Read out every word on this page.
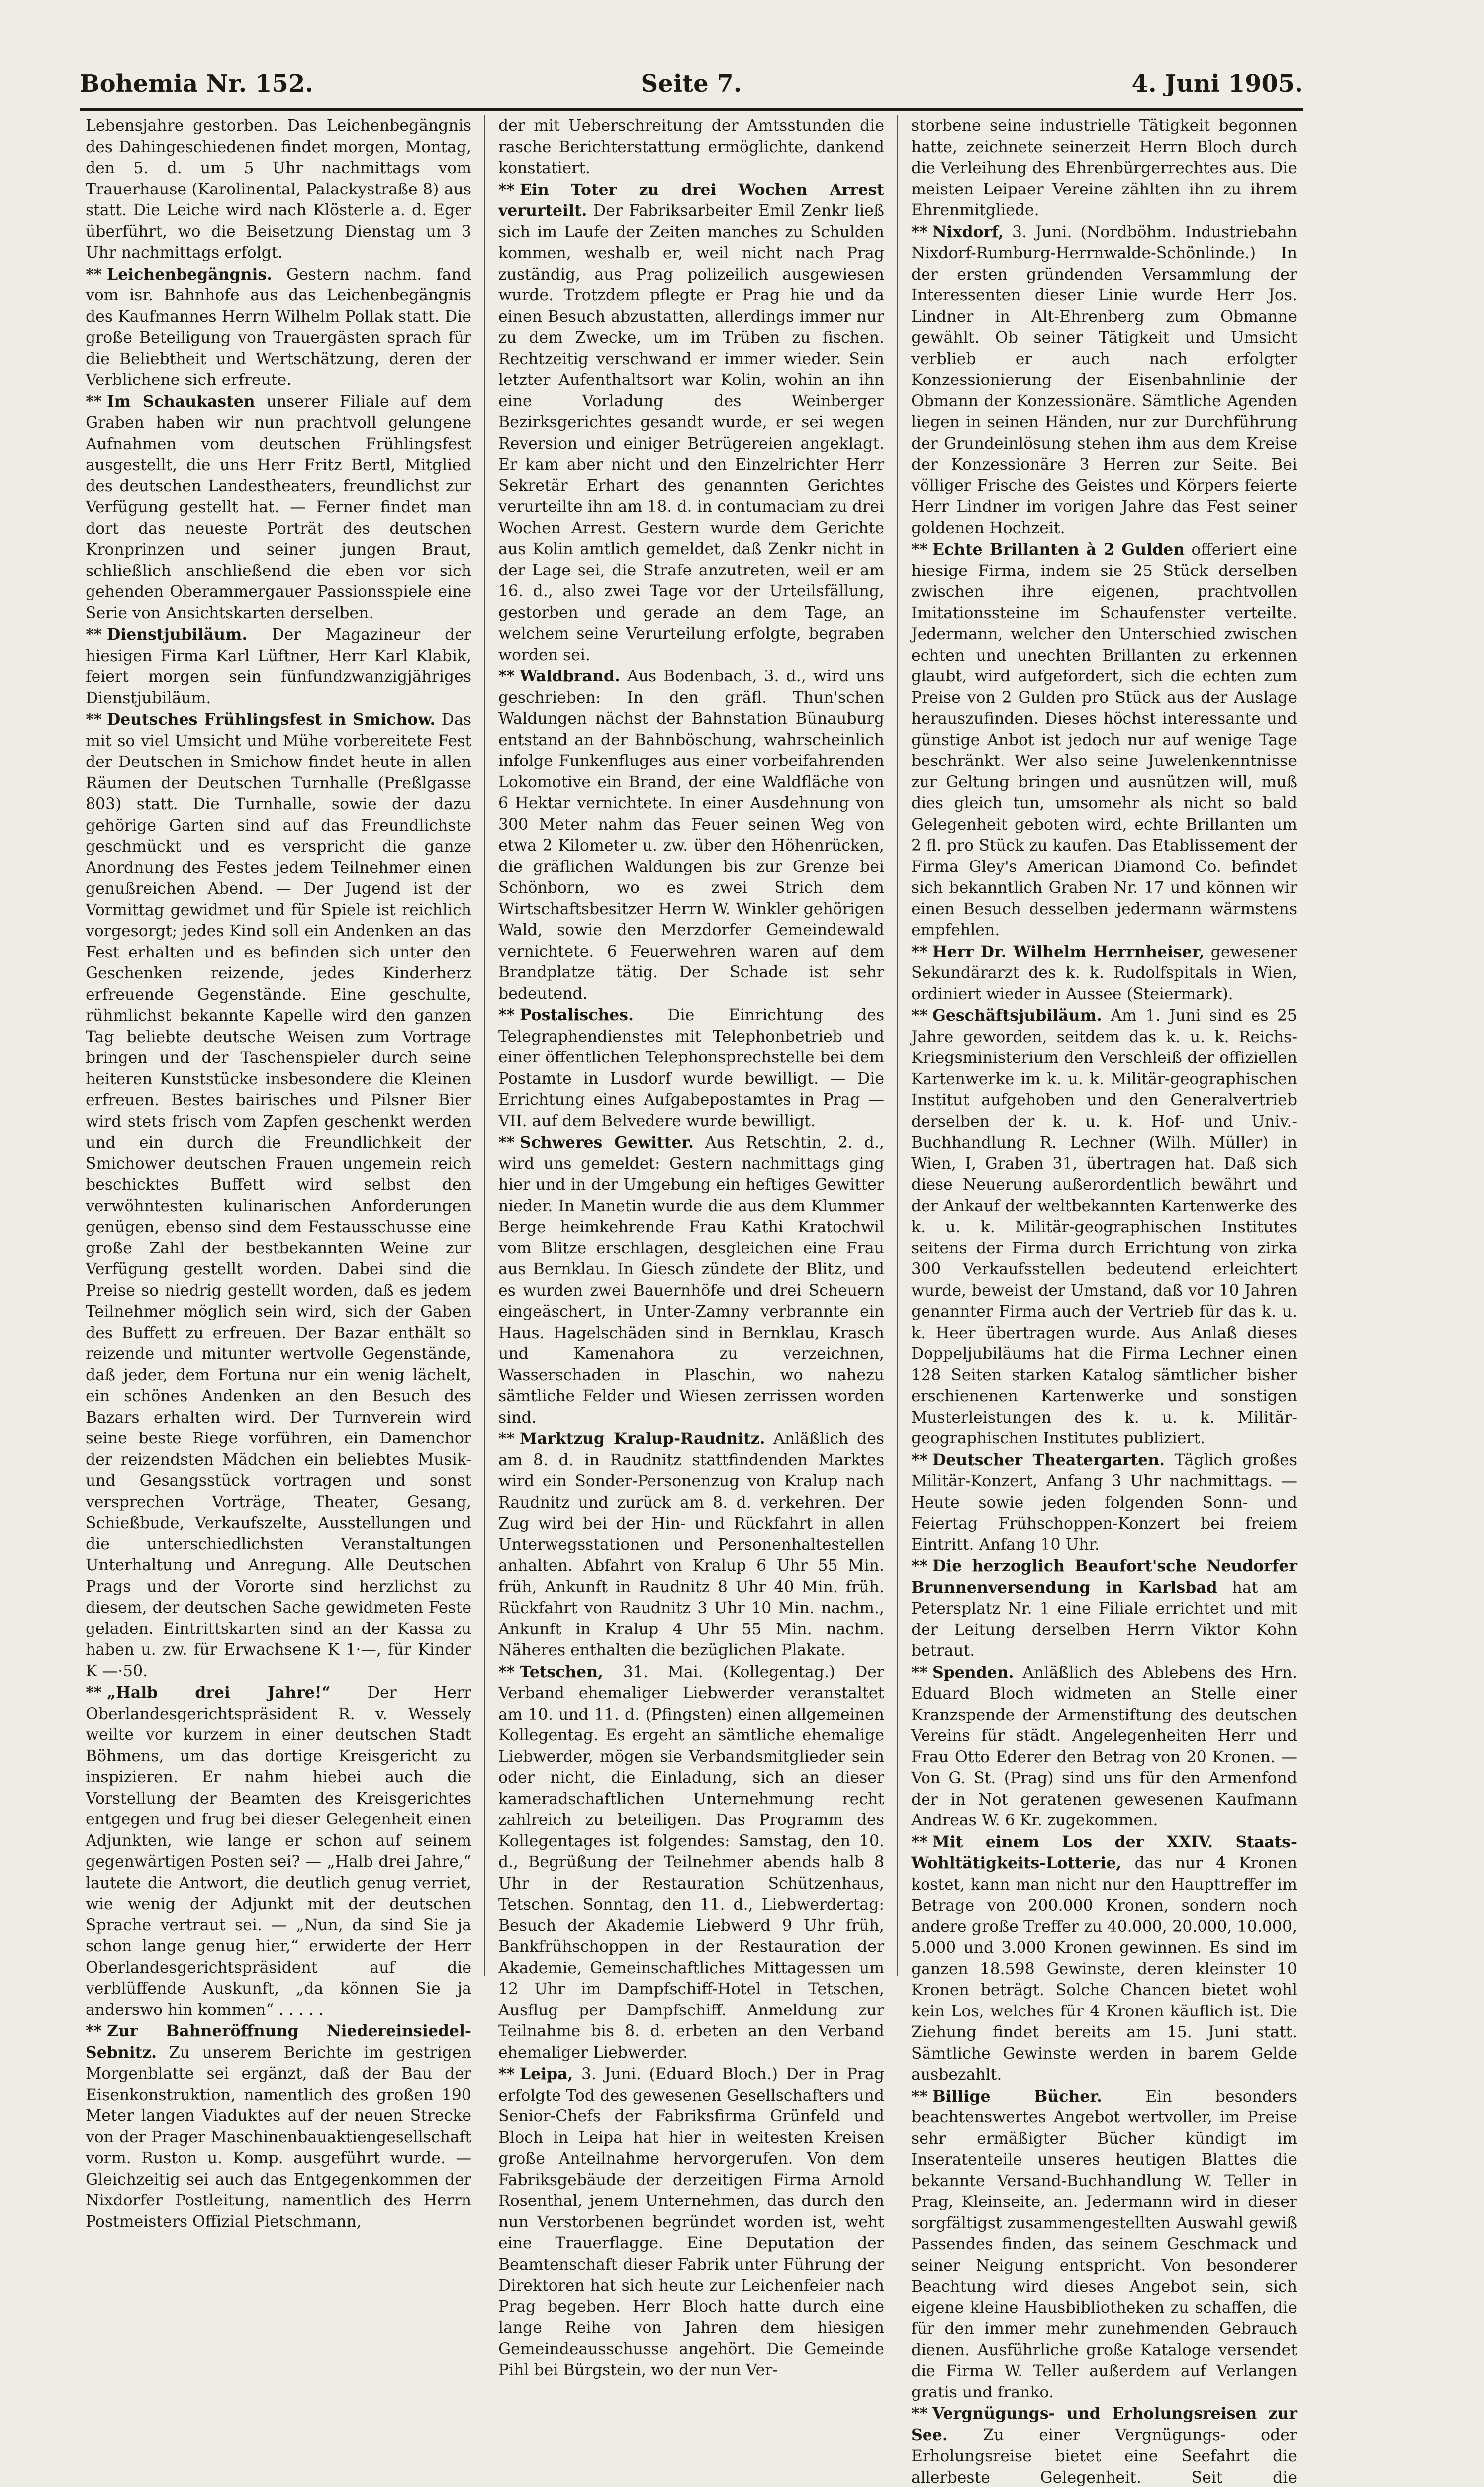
Bohemia Nr. 152.	Seite 7.	4. Juni 1905.

Lebensjahre gestorben. Das Leichenbegängnis des Dahingeschiedenen findet morgen, Montag, den 5. d. um 5 Uhr nachmittags vom Trauerhause (Karolinental, Palackystraße 8) aus statt. Die Leiche wird nach Klösterle a. d. Eger überführt, wo die Beisetzung Dienstag um 3 Uhr nachmittags erfolgt.

** Leichenbegängnis. Gestern nachm. fand vom isr. Bahnhofe aus das Leichenbegängnis des Kaufmannes Herrn Wilhelm Pollak statt. Die große Beteiligung von Trauergästen sprach für die Beliebtheit und Wertschätzung, deren der Verblichene sich erfreute.

** Im Schaukasten unserer Filiale auf dem Graben haben wir nun prachtvoll gelungene Aufnahmen vom deutschen Frühlingsfest ausgestellt, die uns Herr Fritz Bertl, Mitglied des deutschen Landestheaters, freundlichst zur Verfügung gestellt hat. — Ferner findet man dort das neueste Porträt des deutschen Kronprinzen und seiner jungen Braut, schließlich anschließend die eben vor sich gehenden Oberammergauer Passionsspiele eine Serie von Ansichtskarten derselben.

** Dienstjubiläum. Der Magazineur der hiesigen Firma Karl Lüftner, Herr Karl Klabik, feiert morgen sein fünfundzwanzigjähriges Dienstjubiläum.

** Deutsches Frühlingsfest in Smichow. Das mit so viel Umsicht und Mühe vorbereitete Fest der Deutschen in Smichow findet heute in allen Räumen der Deutschen Turnhalle (Preßlgasse 803) statt. Die Turnhalle, sowie der dazu gehörige Garten sind auf das Freundlichste geschmückt und es verspricht die ganze Anordnung des Festes jedem Teilnehmer einen genußreichen Abend. — Der Jugend ist der Vormittag gewidmet und für Spiele ist reichlich vorgesorgt; jedes Kind soll ein Andenken an das Fest erhalten und es befinden sich unter den Geschenken reizende, jedes Kinderherz erfreuende Gegenstände. Eine geschulte, rühmlichst bekannte Kapelle wird den ganzen Tag beliebte deutsche Weisen zum Vortrage bringen und der Taschenspieler durch seine heiteren Kunststücke insbesondere die Kleinen erfreuen. Bestes bairisches und Pilsner Bier wird stets frisch vom Zapfen geschenkt werden und ein durch die Freundlichkeit der Smichower deutschen Frauen ungemein reich beschicktes Buffett wird selbst den verwöhntesten kulinarischen Anforderungen genügen, ebenso sind dem Festausschusse eine große Zahl der bestbekannten Weine zur Verfügung gestellt worden. Dabei sind die Preise so niedrig gestellt worden, daß es jedem Teilnehmer möglich sein wird, sich der Gaben des Buffett zu erfreuen. Der Bazar enthält so reizende und mitunter wertvolle Gegenstände, daß jeder, dem Fortuna nur ein wenig lächelt, ein schönes Andenken an den Besuch des Bazars erhalten wird. Der Turnverein wird seine beste Riege vorführen, ein Damenchor der reizendsten Mädchen ein beliebtes Musik- und Gesangsstück vortragen und sonst versprechen Vorträge, Theater, Gesang, Schießbude, Verkaufszelte, Ausstellungen und die unterschiedlichsten Veranstaltungen Unterhaltung und Anregung. Alle Deutschen Prags und der Vororte sind herzlichst zu diesem, der deutschen Sache gewidmeten Feste geladen. Eintrittskarten sind an der Kassa zu haben u. zw. für Erwachsene K 1·—, für Kinder K —·50.

** „Halb drei Jahre!“ Der Herr Oberlandesgerichtspräsident R. v. Wessely weilte vor kurzem in einer deutschen Stadt Böhmens, um das dortige Kreisgericht zu inspizieren. Er nahm hiebei auch die Vorstellung der Beamten des Kreisgerichtes entgegen und frug bei dieser Gelegenheit einen Adjunkten, wie lange er schon auf seinem gegenwärtigen Posten sei? — „Halb drei Jahre,“ lautete die Antwort, die deutlich genug verriet, wie wenig der Adjunkt mit der deutschen Sprache vertraut sei. — „Nun, da sind Sie ja schon lange genug hier,“ erwiderte der Herr Oberlandesgerichtspräsident auf die verblüffende Auskunft, „da können Sie ja anderswo hin kommen“ . . . . .

** Zur Bahneröffnung Niedereinsiedel-Sebnitz. Zu unserem Berichte im gestrigen Morgenblatte sei ergänzt, daß der Bau der Eisenkonstruktion, namentlich des großen 190 Meter langen Viaduktes auf der neuen Strecke von der Prager Maschinenbauaktiengesellschaft vorm. Ruston u. Komp. ausgeführt wurde. — Gleichzeitig sei auch das Entgegenkommen der Nixdorfer Postleitung, namentlich des Herrn Postmeisters Offizial Pietschmann,

der mit Ueberschreitung der Amtsstunden die rasche Berichterstattung ermöglichte, dankend konstatiert.

** Ein Toter zu drei Wochen Arrest verurteilt. Der Fabriksarbeiter Emil Zenkr ließ sich im Laufe der Zeiten manches zu Schulden kommen, weshalb er, weil nicht nach Prag zuständig, aus Prag polizeilich ausgewiesen wurde. Trotzdem pflegte er Prag hie und da einen Besuch abzustatten, allerdings immer nur zu dem Zwecke, um im Trüben zu fischen. Rechtzeitig verschwand er immer wieder. Sein letzter Aufenthaltsort war Kolin, wohin an ihn eine Vorladung des Weinberger Bezirksgerichtes gesandt wurde, er sei wegen Reversion und einiger Betrügereien angeklagt. Er kam aber nicht und den Einzelrichter Herr Sekretär Erhart des genannten Gerichtes verurteilte ihn am 18. d. in contumaciam zu drei Wochen Arrest. Gestern wurde dem Gerichte aus Kolin amtlich gemeldet, daß Zenkr nicht in der Lage sei, die Strafe anzutreten, weil er am 16. d., also zwei Tage vor der Urteilsfällung, gestorben und gerade an dem Tage, an welchem seine Verurteilung erfolgte, begraben worden sei.

** Waldbrand. Aus Bodenbach, 3. d., wird uns geschrieben: In den gräfl. Thun'schen Waldungen nächst der Bahnstation Bünauburg entstand an der Bahnböschung, wahrscheinlich infolge Funkenfluges aus einer vorbeifahrenden Lokomotive ein Brand, der eine Waldfläche von 6 Hektar vernichtete. In einer Ausdehnung von 300 Meter nahm das Feuer seinen Weg von etwa 2 Kilometer u. zw. über den Höhenrücken, die gräflichen Waldungen bis zur Grenze bei Schönborn, wo es zwei Strich dem Wirtschaftsbesitzer Herrn W. Winkler gehörigen Wald, sowie den Merzdorfer Gemeindewald vernichtete. 6 Feuerwehren waren auf dem Brandplatze tätig. Der Schade ist sehr bedeutend.

** Postalisches. Die Einrichtung des Telegraphendienstes mit Telephonbetrieb und einer öffentlichen Telephonsprechstelle bei dem Postamte in Lusdorf wurde bewilligt. — Die Errichtung eines Aufgabepostamtes in Prag — VII. auf dem Belvedere wurde bewilligt.

** Schweres Gewitter. Aus Retschtin, 2. d., wird uns gemeldet: Gestern nachmittags ging hier und in der Umgebung ein heftiges Gewitter nieder. In Manetin wurde die aus dem Klummer Berge heimkehrende Frau Kathi Kratochwil vom Blitze erschlagen, desgleichen eine Frau aus Bernklau. In Giesch zündete der Blitz, und es wurden zwei Bauernhöfe und drei Scheuern eingeäschert, in Unter-Zamny verbrannte ein Haus. Hagelschäden sind in Bernklau, Krasch und Kamenahora zu verzeichnen, Wasserschaden in Plaschin, wo nahezu sämtliche Felder und Wiesen zerrissen worden sind.

** Marktzug Kralup-Raudnitz. Anläßlich des am 8. d. in Raudnitz stattfindenden Marktes wird ein Sonder-Personenzug von Kralup nach Raudnitz und zurück am 8. d. verkehren. Der Zug wird bei der Hin- und Rückfahrt in allen Unterwegsstationen und Personenhaltestellen anhalten. Abfahrt von Kralup 6 Uhr 55 Min. früh, Ankunft in Raudnitz 8 Uhr 40 Min. früh. Rückfahrt von Raudnitz 3 Uhr 10 Min. nachm., Ankunft in Kralup 4 Uhr 55 Min. nachm. Näheres enthalten die bezüglichen Plakate.

** Tetschen, 31. Mai. (Kollegentag.) Der Verband ehemaliger Liebwerder veranstaltet am 10. und 11. d. (Pfingsten) einen allgemeinen Kollegentag. Es ergeht an sämtliche ehemalige Liebwerder, mögen sie Verbandsmitglieder sein oder nicht, die Einladung, sich an dieser kameradschaftlichen Unternehmung recht zahlreich zu beteiligen. Das Programm des Kollegentages ist folgendes: Samstag, den 10. d., Begrüßung der Teilnehmer abends halb 8 Uhr in der Restauration Schützenhaus, Tetschen. Sonntag, den 11. d., Liebwerdertag: Besuch der Akademie Liebwerd 9 Uhr früh, Bankfrühschoppen in der Restauration der Akademie, Gemeinschaftliches Mittagessen um 12 Uhr im Dampfschiff-Hotel in Tetschen, Ausflug per Dampfschiff. Anmeldung zur Teilnahme bis 8. d. erbeten an den Verband ehemaliger Liebwerder.

** Leipa, 3. Juni. (Eduard Bloch.) Der in Prag erfolgte Tod des gewesenen Gesellschafters und Senior-Chefs der Fabriksfirma Grünfeld und Bloch in Leipa hat hier in weitesten Kreisen große Anteilnahme hervorgerufen. Von dem Fabriksgebäude der derzeitigen Firma Arnold Rosenthal, jenem Unternehmen, das durch den nun Verstorbenen begründet worden ist, weht eine Trauerflagge. Eine Deputation der Beamtenschaft dieser Fabrik unter Führung der Direktoren hat sich heute zur Leichenfeier nach Prag begeben. Herr Bloch hatte durch eine lange Reihe von Jahren dem hiesigen Gemeindeausschusse angehört. Die Gemeinde Pihl bei Bürgstein, wo der nun Ver-

storbene seine industrielle Tätigkeit begonnen hatte, zeichnete seinerzeit Herrn Bloch durch die Verleihung des Ehrenbürgerrechtes aus. Die meisten Leipaer Vereine zählten ihn zu ihrem Ehrenmitgliede.

** Nixdorf, 3. Juni. (Nordböhm. Industriebahn Nixdorf-Rumburg-Herrnwalde-Schönlinde.) In der ersten gründenden Versammlung der Interessenten dieser Linie wurde Herr Jos. Lindner in Alt-Ehrenberg zum Obmanne gewählt. Ob seiner Tätigkeit und Umsicht verblieb er auch nach erfolgter Konzessionierung der Eisenbahnlinie der Obmann der Konzessionäre. Sämtliche Agenden liegen in seinen Händen, nur zur Durchführung der Grundeinlösung stehen ihm aus dem Kreise der Konzessionäre 3 Herren zur Seite. Bei völliger Frische des Geistes und Körpers feierte Herr Lindner im vorigen Jahre das Fest seiner goldenen Hochzeit.

** Echte Brillanten à 2 Gulden offeriert eine hiesige Firma, indem sie 25 Stück derselben zwischen ihre eigenen, prachtvollen Imitationssteine im Schaufenster verteilte. Jedermann, welcher den Unterschied zwischen echten und unechten Brillanten zu erkennen glaubt, wird aufgefordert, sich die echten zum Preise von 2 Gulden pro Stück aus der Auslage herauszufinden. Dieses höchst interessante und günstige Anbot ist jedoch nur auf wenige Tage beschränkt. Wer also seine Juwelenkenntnisse zur Geltung bringen und ausnützen will, muß dies gleich tun, umsomehr als nicht so bald Gelegenheit geboten wird, echte Brillanten um 2 fl. pro Stück zu kaufen. Das Etablissement der Firma Gley's American Diamond Co. befindet sich bekanntlich Graben Nr. 17 und können wir einen Besuch desselben jedermann wärmstens empfehlen.

** Herr Dr. Wilhelm Herrnheiser, gewesener Sekundärarzt des k. k. Rudolfspitals in Wien, ordiniert wieder in Aussee (Steiermark).

** Geschäftsjubiläum. Am 1. Juni sind es 25 Jahre geworden, seitdem das k. u. k. Reichs-Kriegsministerium den Verschleiß der offiziellen Kartenwerke im k. u. k. Militär-geographischen Institut aufgehoben und den Generalvertrieb derselben der k. u. k. Hof- und Univ.-Buchhandlung R. Lechner (Wilh. Müller) in Wien, I, Graben 31, übertragen hat. Daß sich diese Neuerung außerordentlich bewährt und der Ankauf der weltbekannten Kartenwerke des k. u. k. Militär-geographischen Institutes seitens der Firma durch Errichtung von zirka 300 Verkaufsstellen bedeutend erleichtert wurde, beweist der Umstand, daß vor 10 Jahren genannter Firma auch der Vertrieb für das k. u. k. Heer übertragen wurde. Aus Anlaß dieses Doppeljubiläums hat die Firma Lechner einen 128 Seiten starken Katalog sämtlicher bisher erschienenen Kartenwerke und sonstigen Musterleistungen des k. u. k. Militär-geographischen Institutes publiziert.

** Deutscher Theatergarten. Täglich großes Militär-Konzert, Anfang 3 Uhr nachmittags. — Heute sowie jeden folgenden Sonn- und Feiertag Frühschoppen-Konzert bei freiem Eintritt. Anfang 10 Uhr.

** Die herzoglich Beaufort'sche Neudorfer Brunnenversendung in Karlsbad hat am Petersplatz Nr. 1 eine Filiale errichtet und mit der Leitung derselben Herrn Viktor Kohn betraut.

** Spenden. Anläßlich des Ablebens des Hrn. Eduard Bloch widmeten an Stelle einer Kranzspende der Armenstiftung des deutschen Vereins für städt. Angelegenheiten Herr und Frau Otto Ederer den Betrag von 20 Kronen. — Von G. St. (Prag) sind uns für den Armenfond der in Not geratenen gewesenen Kaufmann Andreas W. 6 Kr. zugekommen.

** Mit einem Los der XXIV. Staats-Wohltätigkeits-Lotterie, das nur 4 Kronen kostet, kann man nicht nur den Haupttreffer im Betrage von 200.000 Kronen, sondern noch andere große Treffer zu 40.000, 20.000, 10.000, 5.000 und 3.000 Kronen gewinnen. Es sind im ganzen 18.598 Gewinste, deren kleinster 10 Kronen beträgt. Solche Chancen bietet wohl kein Los, welches für 4 Kronen käuflich ist. Die Ziehung findet bereits am 15. Juni statt. Sämtliche Gewinste werden in barem Gelde ausbezahlt.

** Billige Bücher.	Ein besonders beachtenswertes Angebot wertvoller, im Preise sehr ermäßigter Bücher kündigt im Inseratenteile unseres heutigen Blattes die bekannte Versand-Buchhandlung W. Teller in Prag, Kleinseite, an. Jedermann wird in dieser sorgfältigst zusammengestellten Auswahl gewiß Passendes finden, das seinem Geschmack und seiner Neigung entspricht. Von besonderer Beachtung wird dieses Angebot sein, sich eigene kleine Hausbibliotheken zu schaffen, die für den immer mehr zunehmenden Gebrauch dienen. Ausführliche große Kataloge versendet die Firma W. Teller außerdem auf Verlangen gratis und franko.

** Vergnügungs- und Erholungsreisen zur See. Zu einer Vergnügungs- oder Erholungsreise bietet eine Seefahrt die allerbeste Gelegenheit. Seit die
